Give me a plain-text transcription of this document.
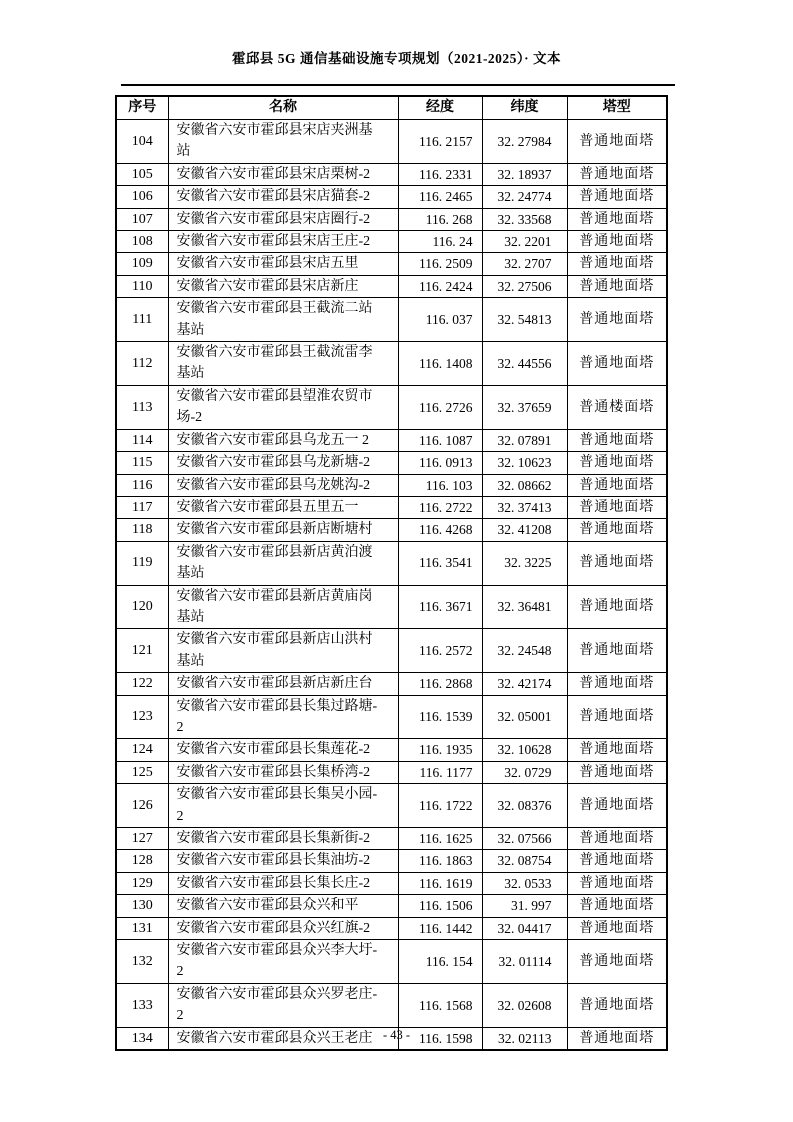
霍邱县 5G 通信基础设施专项规划（2021-2025）· 文本
序号	名称	经度	纬度	塔型
104	安徽省六安市霍邱县宋店夹洲基站	116. 2157	32. 27984	普通地面塔
105	安徽省六安市霍邱县宋店栗树-2	116. 2331	32. 18937	普通地面塔
106	安徽省六安市霍邱县宋店猫套-2	116. 2465	32. 24774	普通地面塔
107	安徽省六安市霍邱县宋店圈行-2	116. 268	32. 33568	普通地面塔
108	安徽省六安市霍邱县宋店王庄-2	116. 24	32. 2201	普通地面塔
109	安徽省六安市霍邱县宋店五里	116. 2509	32. 2707	普通地面塔
110	安徽省六安市霍邱县宋店新庄	116. 2424	32. 27506	普通地面塔
111	安徽省六安市霍邱县王截流二站基站	116. 037	32. 54813	普通地面塔
112	安徽省六安市霍邱县王截流雷李基站	116. 1408	32. 44556	普通地面塔
113	安徽省六安市霍邱县望淮农贸市场-2	116. 2726	32. 37659	普通楼面塔
114	安徽省六安市霍邱县乌龙五一 2	116. 1087	32. 07891	普通地面塔
115	安徽省六安市霍邱县乌龙新塘-2	116. 0913	32. 10623	普通地面塔
116	安徽省六安市霍邱县乌龙姚沟-2	116. 103	32. 08662	普通地面塔
117	安徽省六安市霍邱县五里五一	116. 2722	32. 37413	普通地面塔
118	安徽省六安市霍邱县新店断塘村	116. 4268	32. 41208	普通地面塔
119	安徽省六安市霍邱县新店黄泊渡基站	116. 3541	32. 3225	普通地面塔
120	安徽省六安市霍邱县新店黄庙岗基站	116. 3671	32. 36481	普通地面塔
121	安徽省六安市霍邱县新店山洪村基站	116. 2572	32. 24548	普通地面塔
122	安徽省六安市霍邱县新店新庄台	116. 2868	32. 42174	普通地面塔
123	安徽省六安市霍邱县长集过路塘-2	116. 1539	32. 05001	普通地面塔
124	安徽省六安市霍邱县长集莲花-2	116. 1935	32. 10628	普通地面塔
125	安徽省六安市霍邱县长集桥湾-2	116. 1177	32. 0729	普通地面塔
126	安徽省六安市霍邱县长集吴小园-2	116. 1722	32. 08376	普通地面塔
127	安徽省六安市霍邱县长集新街-2	116. 1625	32. 07566	普通地面塔
128	安徽省六安市霍邱县长集油坊-2	116. 1863	32. 08754	普通地面塔
129	安徽省六安市霍邱县长集长庄-2	116. 1619	32. 0533	普通地面塔
130	安徽省六安市霍邱县众兴和平	116. 1506	31. 997	普通地面塔
131	安徽省六安市霍邱县众兴红旗-2	116. 1442	32. 04417	普通地面塔
132	安徽省六安市霍邱县众兴李大圩-2	116. 154	32. 01114	普通地面塔
133	安徽省六安市霍邱县众兴罗老庄-2	116. 1568	32. 02608	普通地面塔
134	安徽省六安市霍邱县众兴王老庄	116. 1598	32. 02113	普通地面塔
- 43 -
